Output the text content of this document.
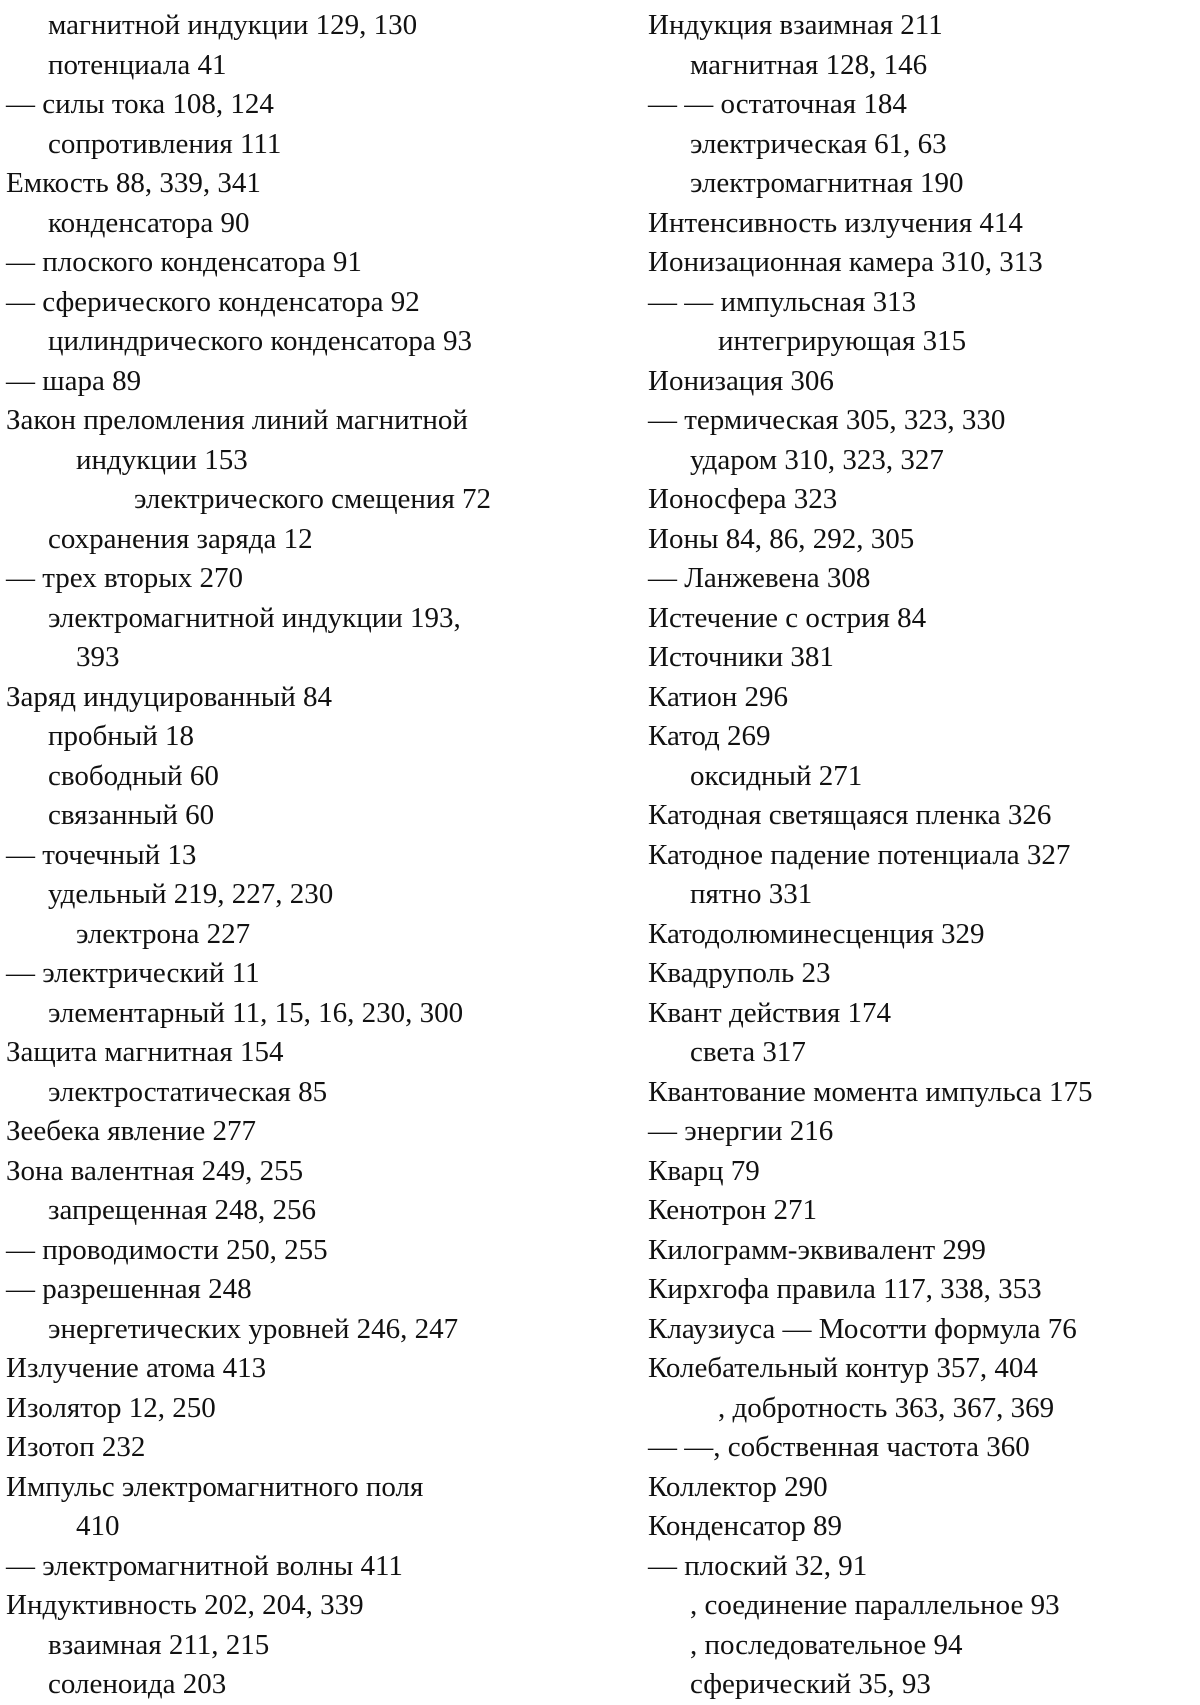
магнитной индукции 129, 130
потенциала 41
— силы тока 108, 124
сопротивления 111
Емкость 88, 339, 341
конденсатора 90
— плоского конденсатора 91
— сферического конденсатора 92
цилиндрического конденсатора 93
— шара 89
Закон преломления линий магнитной
индукции 153
электрического смещения 72
сохранения заряда 12
— трех вторых 270
электромагнитной индукции 193,
393
Заряд индуцированный 84
пробный 18
свободный 60
связанный 60
— точечный 13
удельный 219, 227, 230
электрона 227
— электрический 11
элементарный 11, 15, 16, 230, 300
Защита магнитная 154
электростатическая 85
Зеебека явление 277
Зона валентная 249, 255
запрещенная 248, 256
— проводимости 250, 255
— разрешенная 248
энергетических уровней 246, 247
Излучение атома 413
Изолятор 12, 250
Изотоп 232
Импульс электромагнитного поля
410
— электромагнитной волны 411
Индуктивность 202, 204, 339
взаимная 211, 215
соленоида 203
Индукция взаимная 211
магнитная 128, 146
— — остаточная 184
электрическая 61, 63
электромагнитная 190
Интенсивность излучения 414
Ионизационная камера 310, 313
— — импульсная 313
интегрирующая 315
Ионизация 306
— термическая 305, 323, 330
ударом 310, 323, 327
Ионосфера 323
Ионы 84, 86, 292, 305
— Ланжевена 308
Истечение с острия 84
Источники 381
Катион 296
Катод 269
оксидный 271
Катодная светящаяся пленка 326
Катодное падение потенциала 327
пятно 331
Катодолюминесценция 329
Квадруполь 23
Квант действия 174
света 317
Квантование момента импульса 175
— энергии 216
Кварц 79
Кенотрон 271
Килограмм-эквивалент 299
Кирхгофа правила 117, 338, 353
Клаузиуса — Мосотти формула 76
Колебательный контур 357, 404
, добротность 363, 367, 369
— —, собственная частота 360
Коллектор 290
Конденсатор 89
— плоский 32, 91
, соединение параллельное 93
, последовательное 94
сферический 35, 93
